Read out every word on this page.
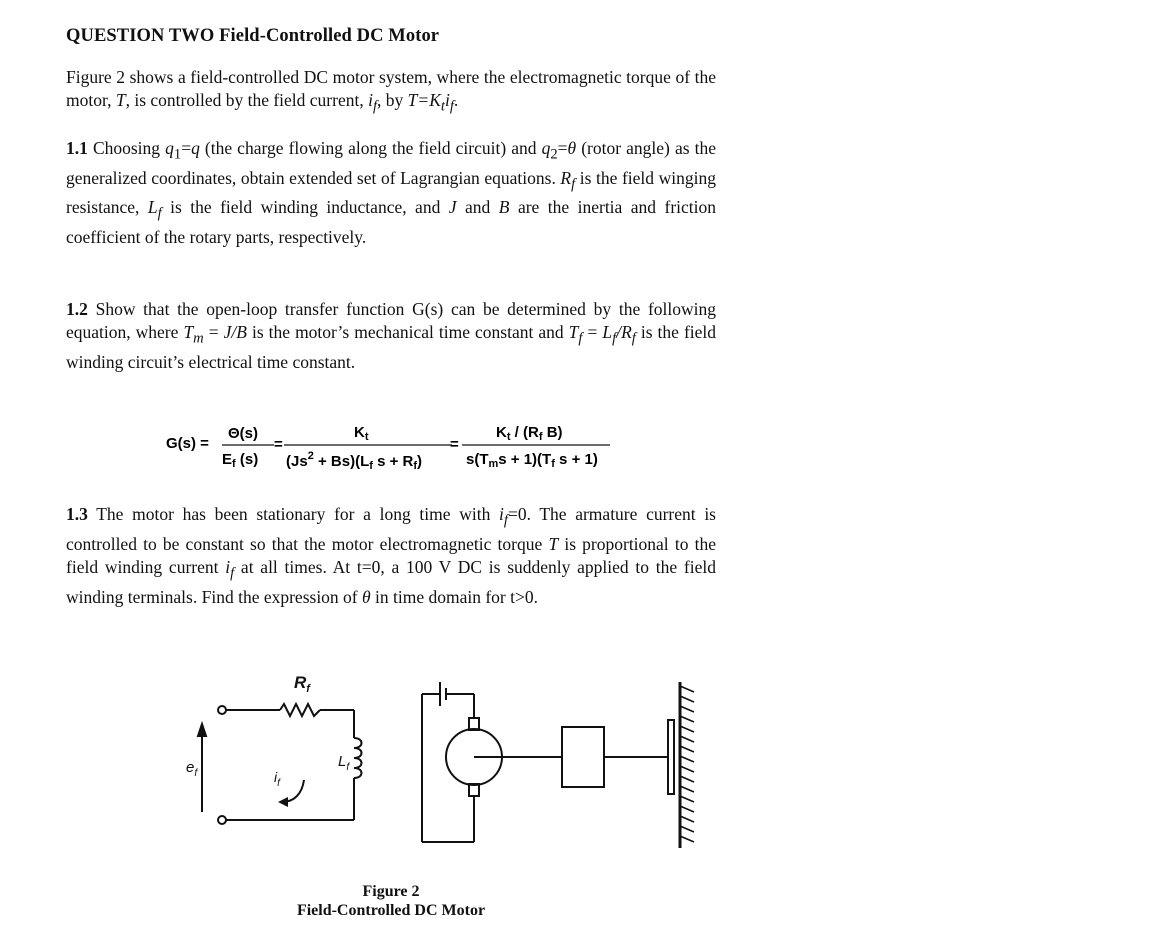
QUESTION TWO Field-Controlled DC Motor

Figure 2 shows a field-controlled DC motor system, where the electromagnetic torque of the motor, T, is controlled by the field current, $i_f$, by $T=K_ti_f$.

1.1 Choosing $q_1=q$ (the charge flowing along the field circuit) and $q_2=\theta$ (rotor angle) as the generalized coordinates, obtain extended set of Lagrangian equations. $R_f$ is the field winging resistance, $L_f$ is the field winding inductance, and J and B are the inertia and friction coefficient of the rotary parts, respectively.

1.2 Show that the open-loop transfer function G(s) can be determined by the following equation, where $T_m = J/B$ is the motor’s mechanical time constant and $T_f = L_f/R_f$ is the field winding circuit’s electrical time constant.

G(s) =
Θ(s)
$E_f$ (s)
=
$K_t$
$(Js^2 + Bs)(L_f$ $s + R_f$)
=
$K_t / (R_f$ B)
$s(T_ms + 1)(T_f$ s + 1)

1.3 The motor has been stationary for a long time with $i_f=0$. The armature current is controlled to be constant so that the motor electromagnetic torque T is proportional to the field winding current $i_f$ at all times. At t=0, a 100 V DC is suddenly applied to the field winding terminals. Find the expression of θ in time domain for t>0.

$R_f$
$L_f$
$e_f$	$i_f$
Figure 2
Field-Controlled DC Motor
